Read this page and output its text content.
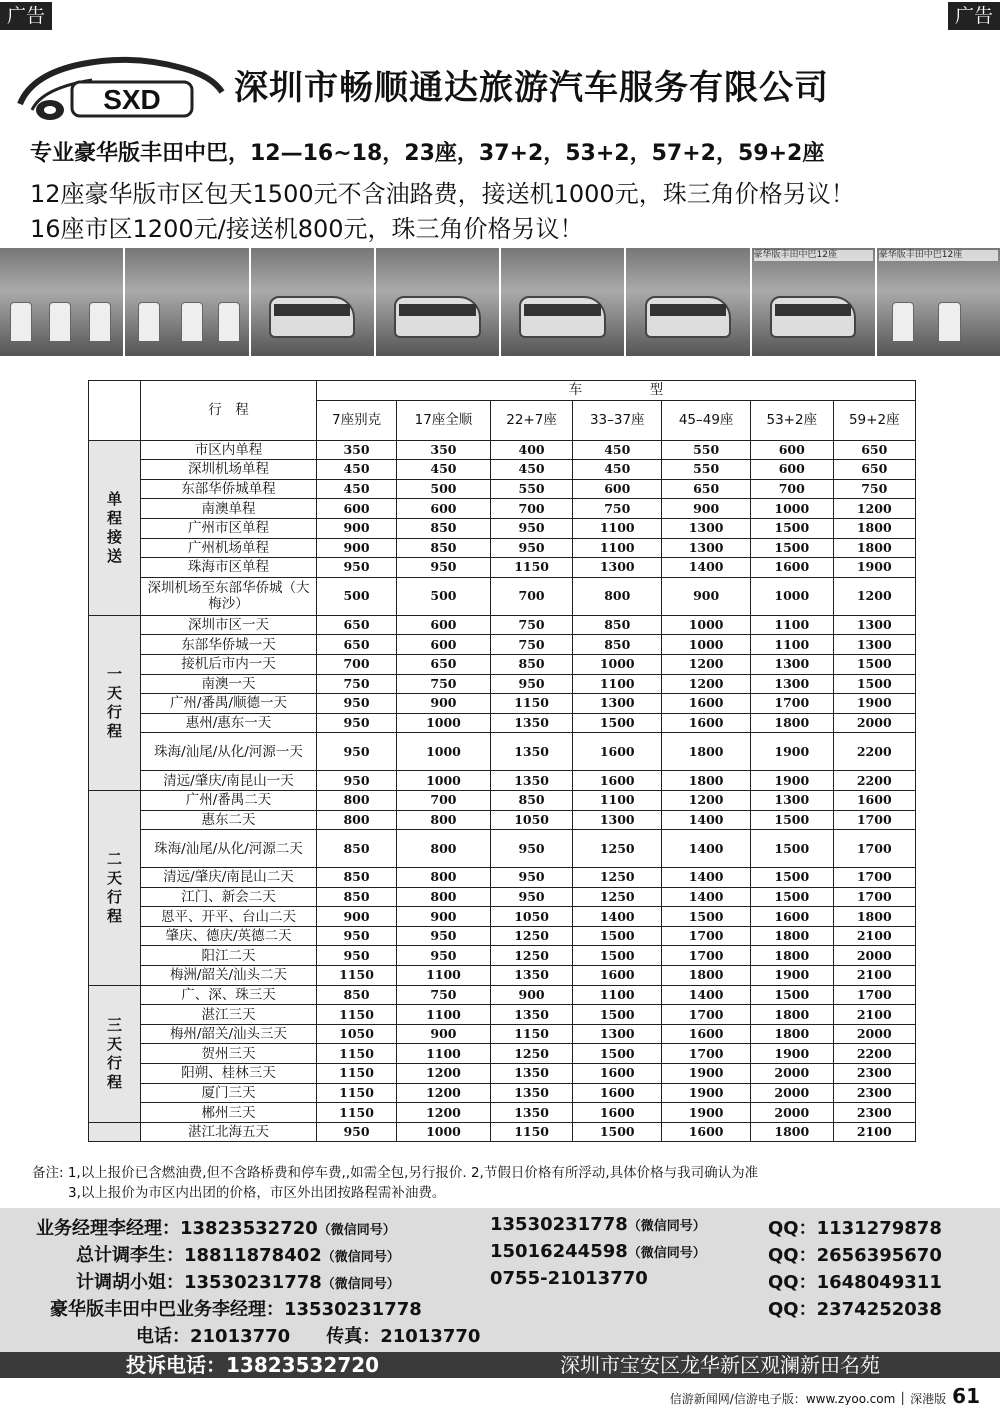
广告	广告
SXD 深圳市畅顺通达旅游汽车服务有限公司
专业豪华版丰田中巴，12—16~18，23座，37+2，53+2，57+2，59+2座
12座豪华版市区包天1500元不含油路费，接送机1000元，珠三角价格另议！
16座市区1200元/接送机800元，珠三角价格另议！
豪华版丰田中巴12座	豪华版丰田中巴12座
	行　程	车　　　　　型						
		7座别克	17座全顺	22+7座	33–37座	45–49座	53+2座	59+2座

单程接送	市区内单程	350	350	400	450	550	600	650
	深圳机场单程	450	450	450	450	550	600	650
	东部华侨城单程	450	500	550	600	650	700	750
	南澳单程	600	600	700	750	900	1000	1200
	广州市区单程	900	850	950	1100	1300	1500	1800
	广州机场单程	900	850	950	1100	1300	1500	1800
	珠海市区单程	950	950	1150	1300	1400	1600	1900
	深圳机场至东部华侨城（大梅沙）	500	500	700	800	900	1000	1200

一天行程	深圳市区一天	650	600	750	850	1000	1100	1300
	东部华侨城一天	650	600	750	850	1000	1100	1300
	接机后市内一天	700	650	850	1000	1200	1300	1500
	南澳一天	750	750	950	1100	1200	1300	1500
	广州/番禺/顺德一天	950	900	1150	1300	1600	1700	1900
	惠州/惠东一天	950	1000	1350	1500	1600	1800	2000
	珠海/汕尾/从化/河源一天	950	1000	1350	1600	1800	1900	2200
	清远/肇庆/南昆山一天	950	1000	1350	1600	1800	1900	2200

二天行程	广州/番禺二天	800	700	850	1100	1200	1300	1600
	惠东二天	800	800	1050	1300	1400	1500	1700
	珠海/汕尾/从化/河源二天	850	800	950	1250	1400	1500	1700
	清远/肇庆/南昆山二天	850	800	950	1250	1400	1500	1700
	江门、新会二天	850	800	950	1250	1400	1500	1700
	恩平、开平、台山二天	900	900	1050	1400	1500	1600	1800
	肇庆、德庆/英德二天	950	950	1250	1500	1700	1800	2100
	阳江二天	950	950	1250	1500	1700	1800	2000
	梅洲/韶关/汕头二天	1150	1100	1350	1600	1800	1900	2100

三天行程	广、深、珠三天	850	750	900	1100	1400	1500	1700
	湛江三天	1150	1100	1350	1500	1700	1800	2100
	梅州/韶关/汕头三天	1050	900	1150	1300	1600	1800	2000
	贺州三天	1150	1100	1250	1500	1700	1900	2200
	阳朔、桂林三天	1150	1200	1350	1600	1900	2000	2300
	厦门三天	1150	1200	1350	1600	1900	2000	2300
	郴州三天	1150	1200	1350	1600	1900	2000	2300

	湛江北海五天	950	1000	1150	1500	1600	1800	2100
备注: 1,以上报价已含燃油费,但不含路桥费和停车费,,如需全包,另行报价. 2,节假日价格有所浮动,具体价格与我司确认为准
3,以上报价为市区内出团的价格，市区外出团按路程需补油费。
业务经理李经理：13823532720（微信同号）	13530231778（微信同号）	QQ：1131279878
总计调李生：18811878402（微信同号）	15016244598（微信同号）	QQ：2656395670
计调胡小姐：13530231778（微信同号）	0755-21013770	QQ：1648049311
豪华版丰田中巴业务李经理：13530231778	QQ：2374252038
电话：21013770　　传真：21013770
投诉电话：13823532720	深圳市宝安区龙华新区观澜新田名苑
信游新闻网/信游电子版：www.zyoo.com │ 深港版 61
